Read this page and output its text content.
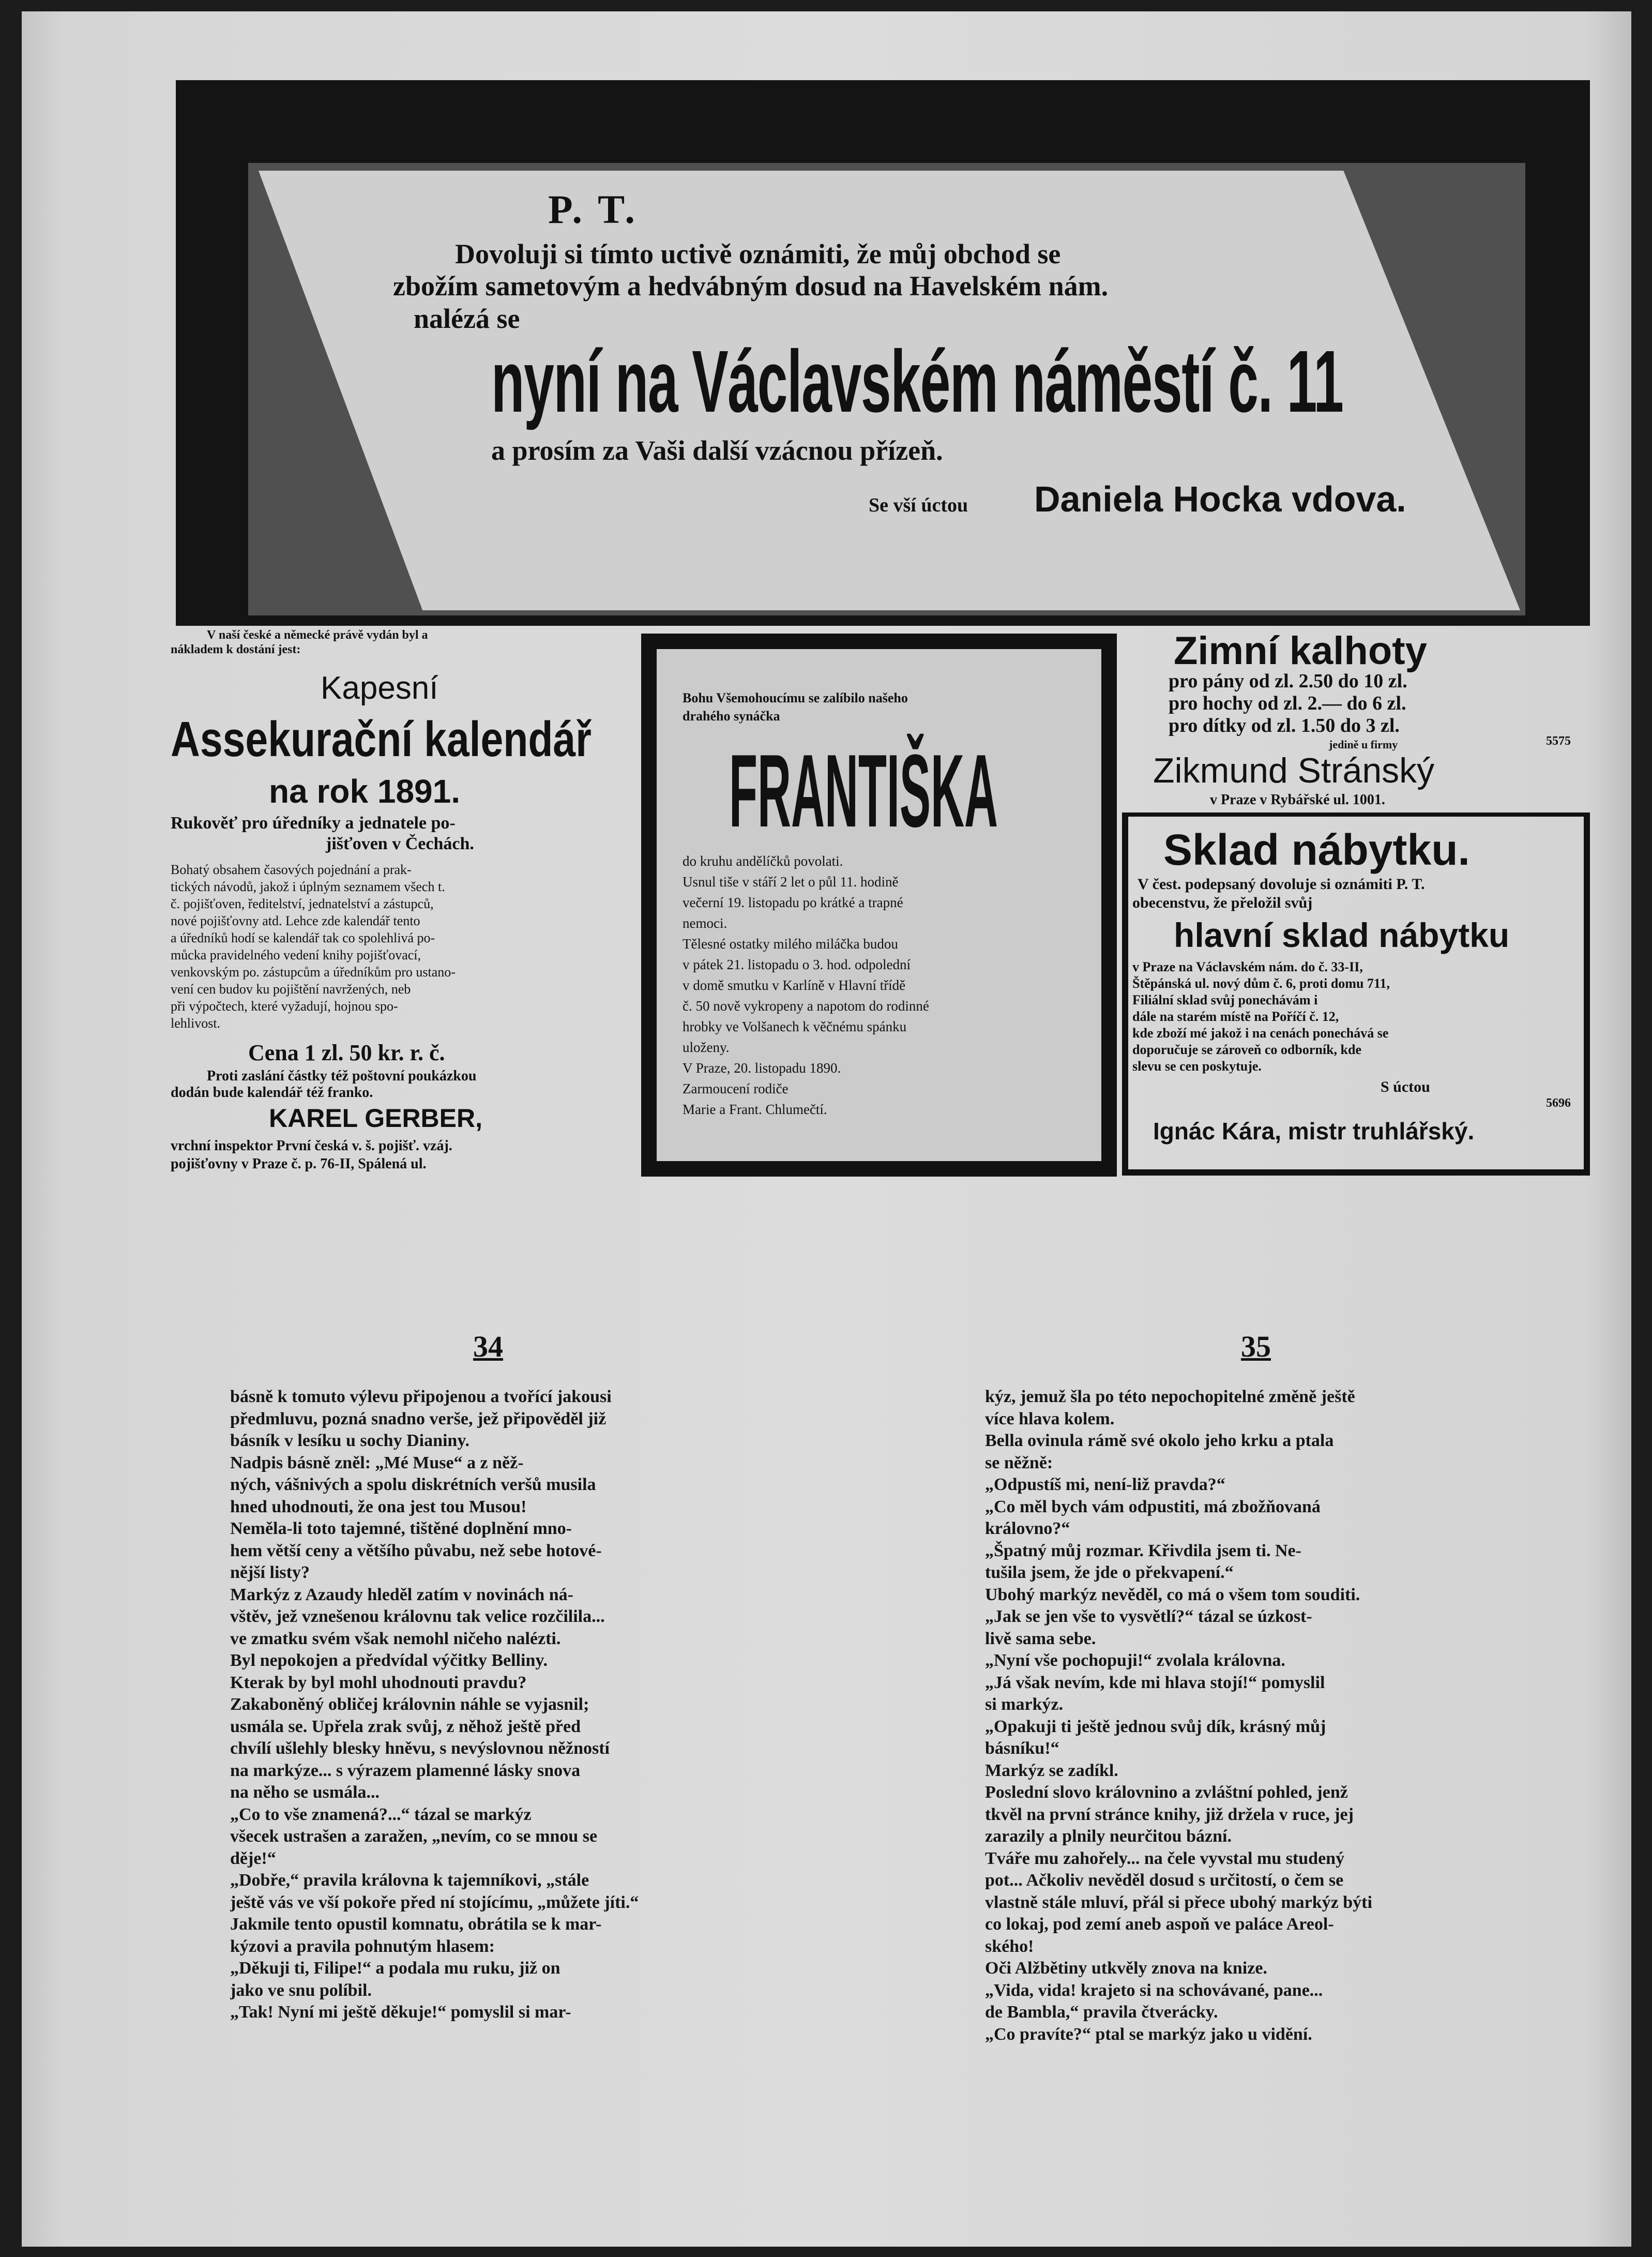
P. T.
Dovoluji si tímto uctivě oznámiti, že můj obchod se
zbožím sametovým a hedvábným dosud na Havelském nám.
nalézá se
nyní na Václavském náměstí č. 11
a prosím za Vaši další vzácnou přízeň.
Se vší úctou Daniela Hocka vdova.
V naší české a německé právě vydán byl a
nákladem k dostání jest:
Kapesní
Assekurační kalendář
na rok 1891.
Rukověť pro úředníky a jednatele po-
jišťoven v Čechách.
Bohatý obsahem časových pojednání a prak-
tických návodů, jakož i úplným seznamem všech t.
č. pojišťoven, ředitelství, jednatelství a zástupců,
nové pojišťovny atd. Lehce zde kalendář tento
a úředníků hodí se kalendář tak co spolehlivá po-
můcka pravidelného vedení knihy pojišťovací,
venkovským po. zástupcům a úředníkům pro ustano-
vení cen budov ku pojištění navržených, neb
při výpočtech, které vyžadují, hojnou spo-
lehlivost.
Cena 1 zl. 50 kr. r. č.
Proti zaslání částky též poštovní poukázkou
dodán bude kalendář též franko.
KAREL GERBER,
vrchní inspektor První česká v. š. pojišť. vzáj.
pojišťovny v Praze č. p. 76-II, Spálená ul.
Bohu Všemohoucímu se zalíbilo našeho
drahého synáčka
FRANTIŠKA
do kruhu andělíčků povolati.
Usnul tiše v stáří 2 let o půl 11. hodině
večerní 19. listopadu po krátké a trapné
nemoci.
Tělesné ostatky milého miláčka budou
v pátek 21. listopadu o 3. hod. odpolední
v domě smutku v Karlíně v Hlavní třídě
č. 50 nově vykropeny a napotom do rodinné
hrobky ve Volšanech k věčnému spánku
uloženy.
V Praze, 20. listopadu 1890.
Zarmoucení rodiče
Marie a Frant. Chlumečtí.
Zimní kalhoty
pro pány od zl. 2.50 do 10 zl.
pro hochy od zl. 2.— do 6 zl.
pro dítky od zl. 1.50 do 3 zl.
jedině u firmy	5575
Zikmund Stránský
v Praze v Rybářské ul. 1001.
Sklad nábytku.
V čest. podepsaný dovoluje si oznámiti P. T.
obecenstvu, že přeložil svůj
hlavní sklad nábytku
v Praze na Václavském nám. do č. 33-II,
Štěpánská ul. nový dům č. 6, proti domu 711,
Filiální sklad svůj ponechávám i
dále na starém místě na Poříčí č. 12,
kde zboží mé jakož i na cenách ponechává se
doporučuje se zároveň co odborník, kde
slevu se cen poskytuje.
S úctou
5696
Ignác Kára, mistr truhlářský.
34	35
básně k tomuto výlevu připojenou a tvořící jakousi
předmluvu, pozná snadno verše, jež připověděl již
básník v lesíku u sochy Dianiny.
Nadpis básně zněl: „Mé Muse“ a z něž-
ných, vášnivých a spolu diskrétních veršů musila
hned uhodnouti, že ona jest tou Musou!
Neměla-li toto tajemné, tištěné doplnění mno-
hem větší ceny a většího půvabu, než sebe hotové-
nější listy?
Markýz z Azaudy hleděl zatím v novinách ná-
vštěv, jež vznešenou královnu tak velice rozčilila...
ve zmatku svém však nemohl ničeho nalézti.
Byl nepokojen a předvídal výčitky Belliny.
Kterak by byl mohl uhodnouti pravdu?
Zakaboněný obličej královnin náhle se vyjasnil;
usmála se. Upřela zrak svůj, z něhož ještě před
chvílí ušlehly blesky hněvu, s nevýslovnou něžností
na markýze... s výrazem plamenné lásky snova
na něho se usmála...
„Co to vše znamená?...“ tázal se markýz
všecek ustrašen a zaražen, „nevím, co se mnou se
děje!“
„Dobře,“ pravila královna k tajemníkovi, „stále
ještě vás ve vší pokoře před ní stojícímu, „můžete jíti.“
Jakmile tento opustil komnatu, obrátila se k mar-
kýzovi a pravila pohnutým hlasem:
„Děkuji ti, Filipe!“ a podala mu ruku, již on
jako ve snu políbil.
„Tak! Nyní mi ještě děkuje!“ pomyslil si mar-
kýz, jemuž šla po této nepochopitelné změně ještě
více hlava kolem.
Bella ovinula rámě své okolo jeho krku a ptala
se něžně:
„Odpustíš mi, není-liž pravda?“
„Co měl bych vám odpustiti, má zbožňovaná
královno?“
„Špatný můj rozmar. Křivdila jsem ti. Ne-
tušila jsem, že jde o překvapení.“
Ubohý markýz nevěděl, co má o všem tom souditi.
„Jak se jen vše to vysvětlí?“ tázal se úzkost-
livě sama sebe.
„Nyní vše pochopuji!“ zvolala královna.
„Já však nevím, kde mi hlava stojí!“ pomyslil
si markýz.
„Opakuji ti ještě jednou svůj dík, krásný můj
básníku!“
Markýz se zadíkl.
Poslední slovo královnino a zvláštní pohled, jenž
tkvěl na první stránce knihy, již držela v ruce, jej
zarazily a plnily neurčitou bázní.
Tváře mu zahořely... na čele vyvstal mu studený
pot... Ačkoliv nevěděl dosud s určitostí, o čem se
vlastně stále mluví, přál si přece ubohý markýz býti
co lokaj, pod zemí aneb aspoň ve paláce Areol-
ského!
Oči Alžbětiny utkvěly znova na knize.
„Vida, vida! krajeto si na schovávané, pane...
de Bambla,“ pravila čtverácky.
„Co pravíte?“ ptal se markýz jako u vidění.
